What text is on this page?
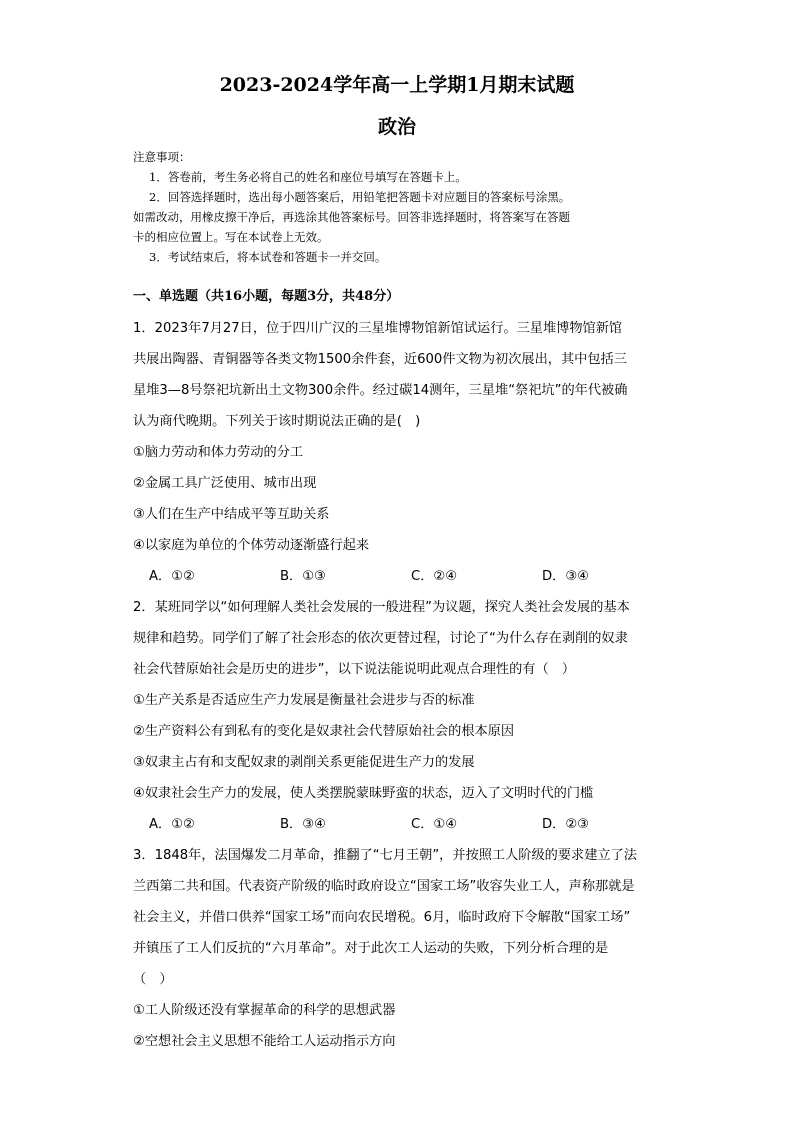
2023-2024学年高一上学期1月期末试题
政治

注意事项：

1．答卷前，考生务必将自己的姓名和座位号填写在答题卡上。

2．回答选择题时，选出每小题答案后，用铅笔把答题卡对应题目的答案标号涂黑。

如需改动，用橡皮擦干净后，再选涂其他答案标号。回答非选择题时，将答案写在答题

卡的相应位置上。写在本试卷上无效。

3．考试结束后，将本试卷和答题卡一并交回。

一、单选题（共16小题，每题3分，共48分）

1．2023年7月27日，位于四川广汉的三星堆博物馆新馆试运行。三星堆博物馆新馆

共展出陶器、青铜器等各类文物1500余件套，近600件文物为初次展出，其中包括三

星堆3—8号祭祀坑新出土文物300余件。经过碳14测年，三星堆“祭祀坑”的年代被确

认为商代晚期。下列关于该时期说法正确的是(　)

①脑力劳动和体力劳动的分工

②金属工具广泛使用、城市出现

③人们在生产中结成平等互助关系

④以家庭为单位的个体劳动逐渐盛行起来

A．①②	B．①③	C．②④	D．③④

2．某班同学以“如何理解人类社会发展的一般进程”为议题，探究人类社会发展的基本

规律和趋势。同学们了解了社会形态的依次更替过程，讨论了“为什么存在剥削的奴隶

社会代替原始社会是历史的进步”，以下说法能说明此观点合理性的有（　）

①生产关系是否适应生产力发展是衡量社会进步与否的标准

②生产资料公有到私有的变化是奴隶社会代替原始社会的根本原因

③奴隶主占有和支配奴隶的剥削关系更能促进生产力的发展

④奴隶社会生产力的发展，使人类摆脱蒙昧野蛮的状态，迈入了文明时代的门槛

A．①②	B．③④	C．①④	D．②③

3．1848年，法国爆发二月革命，推翻了“七月王朝”，并按照工人阶级的要求建立了法

兰西第二共和国。代表资产阶级的临时政府设立“国家工场”收容失业工人，声称那就是

社会主义，并借口供养“国家工场”而向农民增税。6月，临时政府下令解散“国家工场”

并镇压了工人们反抗的“六月革命”。对于此次工人运动的失败，下列分析合理的是

（　）

①工人阶级还没有掌握革命的科学的思想武器

②空想社会主义思想不能给工人运动指示方向
